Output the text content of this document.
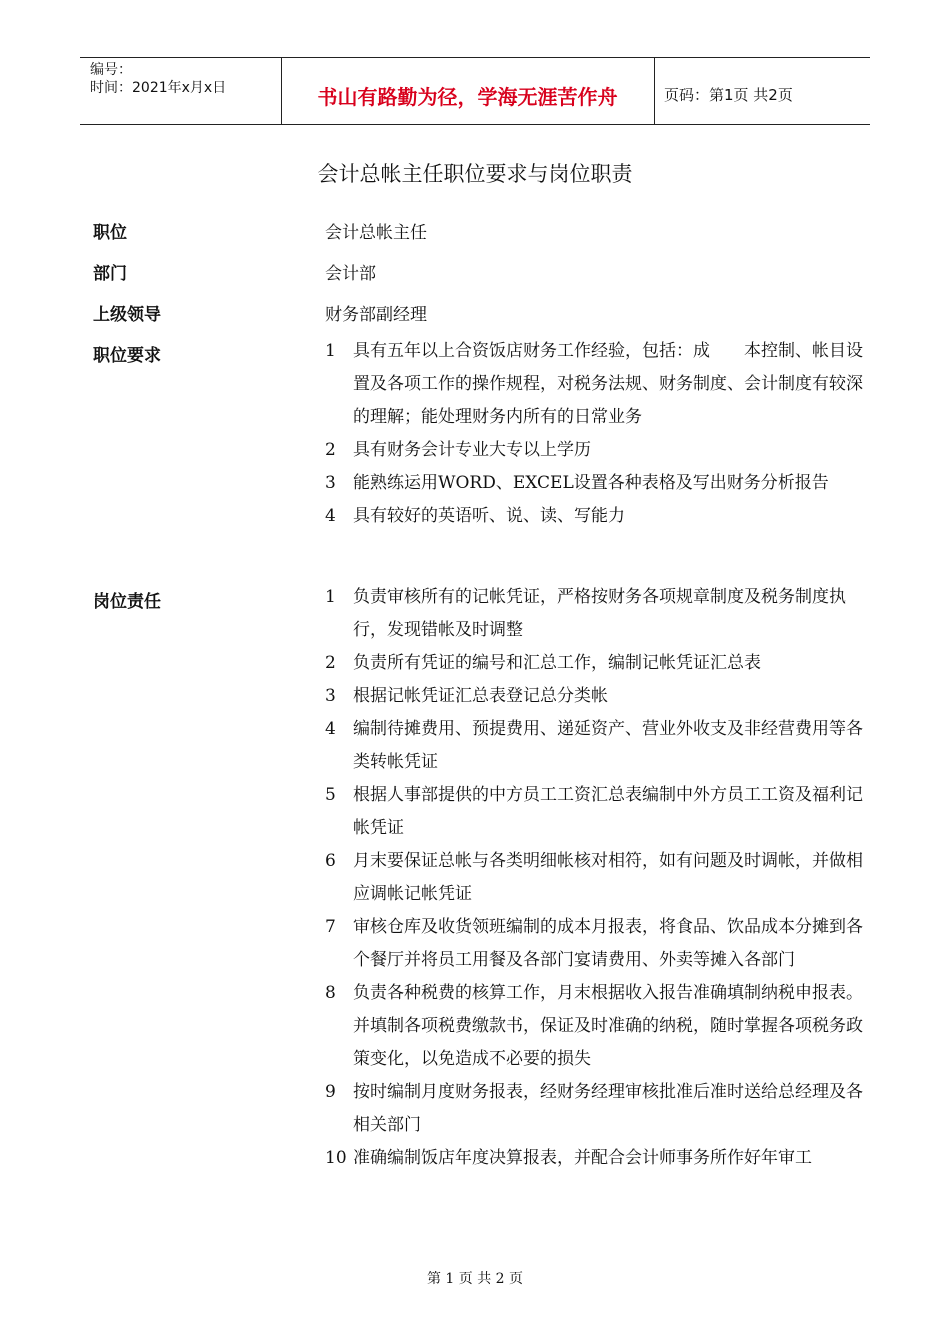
编号：
时间：2021年x月x日	书山有路勤为径，学海无涯苦作舟	页码：第1页 共2页
会计总帐主任职位要求与岗位职责
职位	会计总帐主任
部门	会计部
上级领导	财务部副经理
职位要求	1 具有五年以上合资饭店财务工作经验，包括：成　　本控制、帐目设置及各项工作的操作规程，对税务法规、财务制度、会计制度有较深的理解；能处理财务内所有的日常业务
2 具有财务会计专业大专以上学历
3 能熟练运用WORD、EXCEL设置各种表格及写出财务分析报告
4 具有较好的英语听、说、读、写能力
岗位责任	1 负责审核所有的记帐凭证，严格按财务各项规章制度及税务制度执行，发现错帐及时调整
2 负责所有凭证的编号和汇总工作，编制记帐凭证汇总表
3 根据记帐凭证汇总表登记总分类帐
4 编制待摊费用、预提费用、递延资产、营业外收支及非经营费用等各类转帐凭证
5 根据人事部提供的中方员工工资汇总表编制中外方员工工资及福利记帐凭证
6 月末要保证总帐与各类明细帐核对相符，如有问题及时调帐，并做相应调帐记帐凭证
7 审核仓库及收货领班编制的成本月报表，将食品、饮品成本分摊到各个餐厅并将员工用餐及各部门宴请费用、外卖等摊入各部门
8 负责各种税费的核算工作，月末根据收入报告准确填制纳税申报表。并填制各项税费缴款书，保证及时准确的纳税，随时掌握各项税务政策变化，以免造成不必要的损失
9 按时编制月度财务报表，经财务经理审核批准后准时送给总经理及各相关部门
10 准确编制饭店年度决算报表，并配合会计师事务所作好年审工
第 1 页 共 2 页
